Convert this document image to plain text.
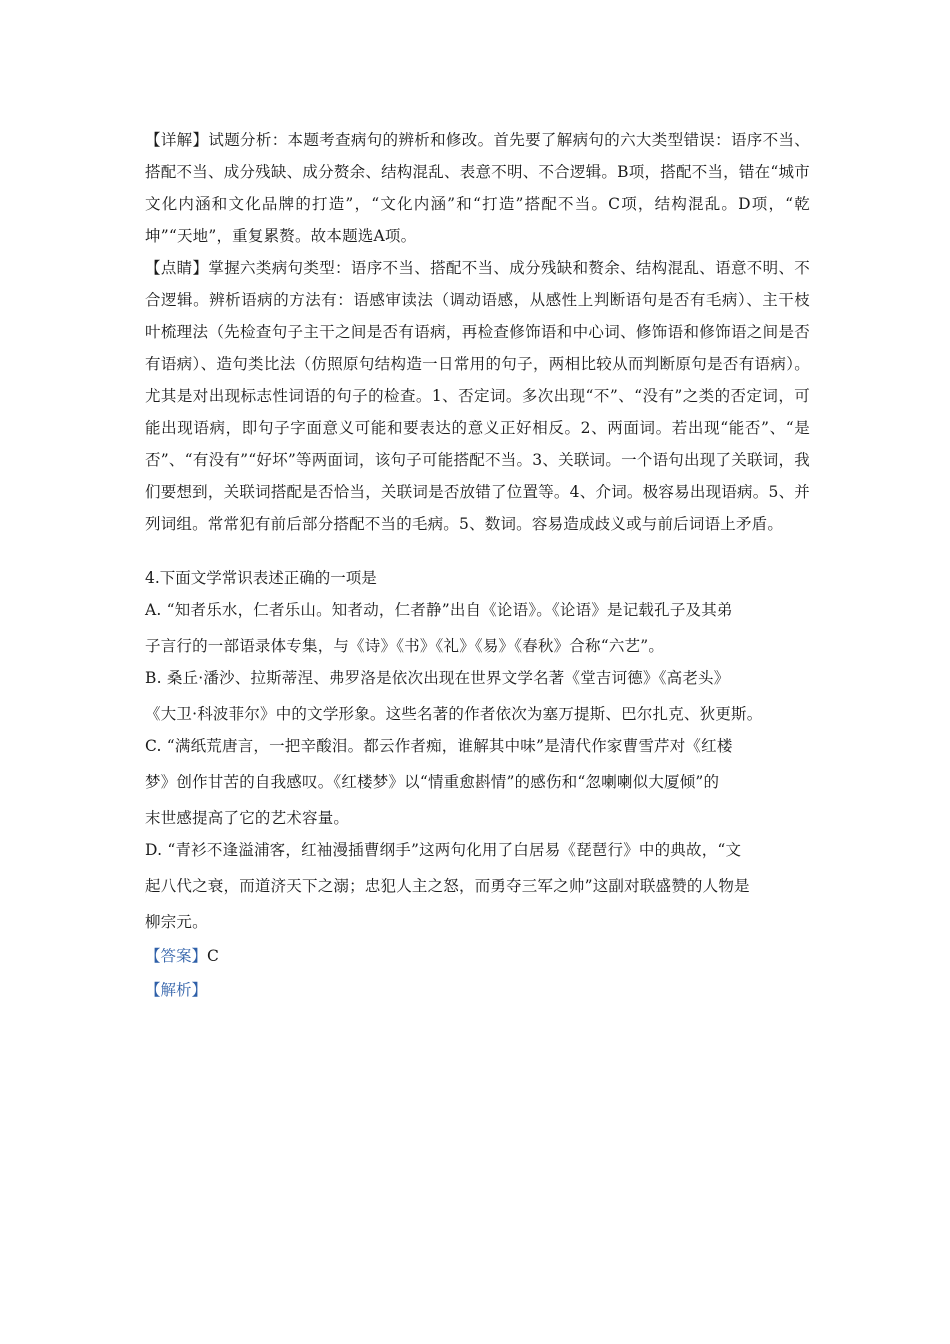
【详解】试题分析：本题考查病句的辨析和修改。首先要了解病句的六大类型错误：语序不当、搭配不当、成分残缺、成分赘余、结构混乱、表意不明、不合逻辑。B项，搭配不当，错在“城市文化内涵和文化品牌的打造”，“文化内涵”和“打造”搭配不当。C项，结构混乱。D项，“乾坤”“天地”，重复累赘。故本题选A项。

【点睛】掌握六类病句类型：语序不当、搭配不当、成分残缺和赘余、结构混乱、语意不明、不合逻辑。辨析语病的方法有：语感审读法（调动语感，从感性上判断语句是否有毛病）、主干枝叶梳理法（先检查句子主干之间是否有语病，再检查修饰语和中心词、修饰语和修饰语之间是否有语病）、造句类比法（仿照原句结构造一日常用的句子，两相比较从而判断原句是否有语病）。尤其是对出现标志性词语的句子的检查。1、否定词。多次出现“不”、“没有”之类的否定词，可能出现语病，即句子字面意义可能和要表达的意义正好相反。2、两面词。若出现“能否”、“是否”、“有没有”“好坏”等两面词，该句子可能搭配不当。3、关联词。一个语句出现了关联词，我们要想到，关联词搭配是否恰当，关联词是否放错了位置等。4、介词。极容易出现语病。5、并列词组。常常犯有前后部分搭配不当的毛病。5、数词。容易造成歧义或与前后词语上矛盾。

4.下面文学常识表述正确的一项是

A. “知者乐水，仁者乐山。知者动，仁者静”出自《论语》。《论语》是记载孔子及其弟
子言行的一部语录体专集，与《诗》《书》《礼》《易》《春秋》合称“六艺”。

B. 桑丘·潘沙、拉斯蒂涅、弗罗洛是依次出现在世界文学名著《堂吉诃德》《高老头》
《大卫·科波菲尔》中的文学形象。这些名著的作者依次为塞万提斯、巴尔扎克、狄更斯。

C. “满纸荒唐言，一把辛酸泪。都云作者痴，谁解其中味”是清代作家曹雪芹对《红楼
梦》创作甘苦的自我感叹。《红楼梦》以“情重愈斟情”的感伤和“忽喇喇似大厦倾”的
末世感提高了它的艺术容量。

D. “青衫不逢溢浦客，红袖漫插曹纲手”这两句化用了白居易《琵琶行》中的典故，“文
起八代之衰，而道济天下之溺；忠犯人主之怒，而勇夺三军之帅”这副对联盛赞的人物是
柳宗元。

【答案】C

【解析】
